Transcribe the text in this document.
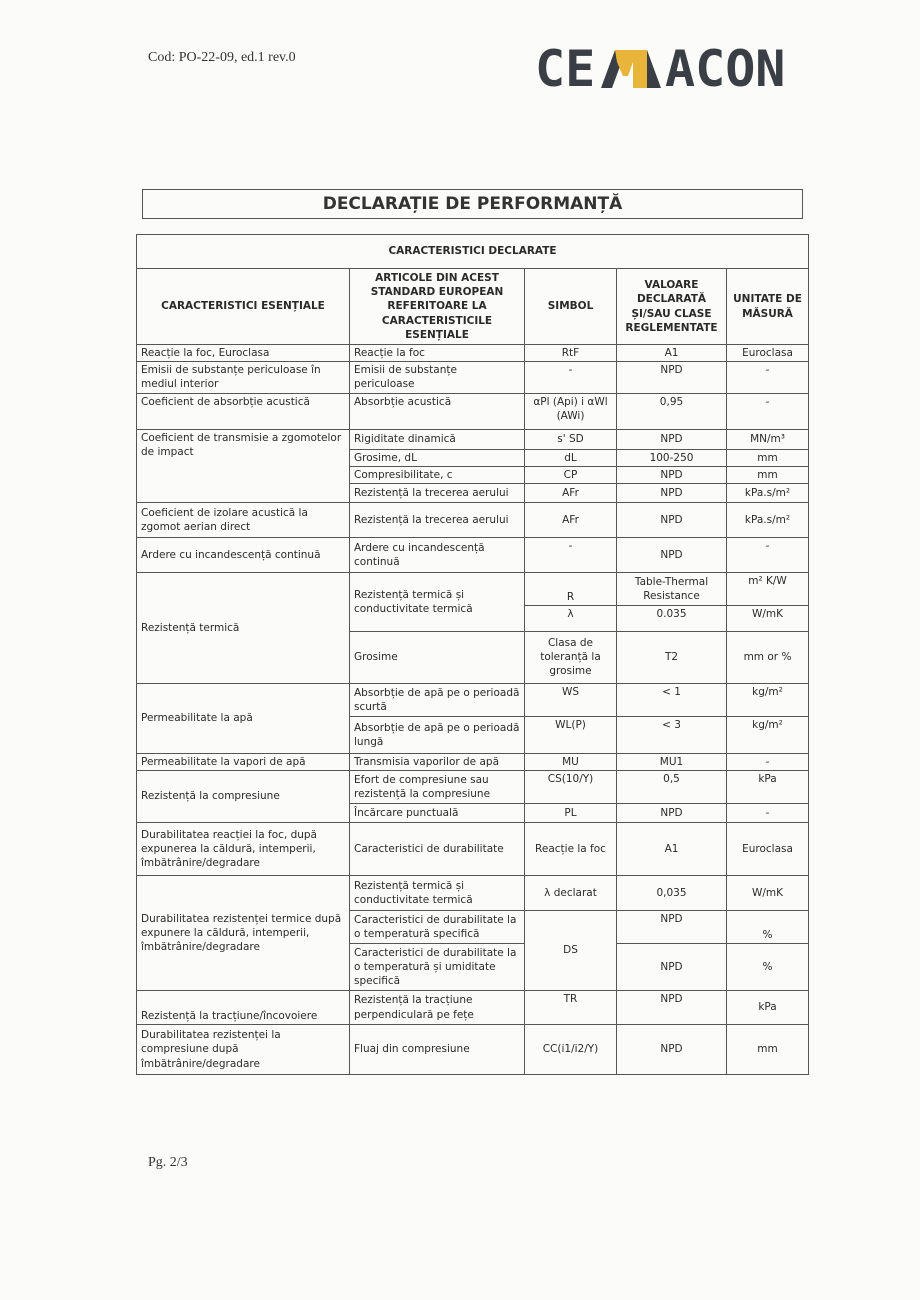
Cod: PO-22-09, ed.1 rev.0	CE ACON
DECLARAȚIE DE PERFORMANȚĂ
CARACTERISTICI DECLARATE				
CARACTERISTICI ESENȚIALE	ARTICOLE DIN ACEST STANDARD EUROPEAN REFERITOARE LA CARACTERISTICILE ESENȚIALE	SIMBOL	VALOARE DECLARATĂ ȘI/SAU CLASE REGLEMENTATE	UNITATE DE MĂSURĂ
Reacție la foc, Euroclasa	Reacție la foc	RtF	A1	Euroclasa
Emisii de substanțe periculoase în mediul interior	Emisii de substanțe periculoase	-	NPD	-
Coeficient de absorbție acustică	Absorbție acustică	αPl (Api) i αWl (AWi)	0,95	-
Coeficient de transmisie a zgomotelor de impact	Rigiditate dinamică	s' SD	NPD	MN/m³
	Grosime, dL	dL	100-250	mm
	Compresibilitate, c	CP	NPD	mm
	Rezistență la trecerea aerului	AFr	NPD	kPa.s/m²
Coeficient de izolare acustică la zgomot aerian direct	Rezistență la trecerea aerului	AFr	NPD	kPa.s/m²
Ardere cu incandescență continuă	Ardere cu incandescență continuă	-	NPD	-
Rezistență termică	Rezistență termică și conductivitate termică	R	Table-Thermal Resistance	m² K/W
		λ	0.035	W/mK
	Grosime	Clasa de toleranță la grosime	T2	mm or %
Permeabilitate la apă	Absorbție de apă pe o perioadă scurtă	WS	< 1	kg/m²
	Absorbție de apă pe o perioadă lungă	WL(P)	< 3	kg/m²
Permeabilitate la vapori de apă	Transmisia vaporilor de apă	MU	MU1	-
Rezistență la compresiune	Efort de compresiune sau rezistență la compresiune	CS(10/Y)	0,5	kPa
	Încărcare punctuală	PL	NPD	-
Durabilitatea reacției la foc, după expunerea la căldură, intemperii, îmbătrânire/degradare	Caracteristici de durabilitate	Reacție la foc	A1	Euroclasa
Durabilitatea rezistenței termice după expunere la căldură, intemperii, îmbătrânire/degradare	Rezistență termică și conductivitate termică	λ declarat	0,035	W/mK
	Caracteristici de durabilitate la o temperatură specifică	DS	NPD	%
	Caracteristici de durabilitate la o temperatură și umiditate specifică		NPD	%
Rezistență la tracțiune/încovoiere	Rezistență la tracțiune perpendiculară pe fețe	TR	NPD	kPa
Durabilitatea rezistenței la compresiune după îmbătrânire/degradare	Fluaj din compresiune	CC(i1/i2/Y)	NPD	mm
Pg. 2/3
